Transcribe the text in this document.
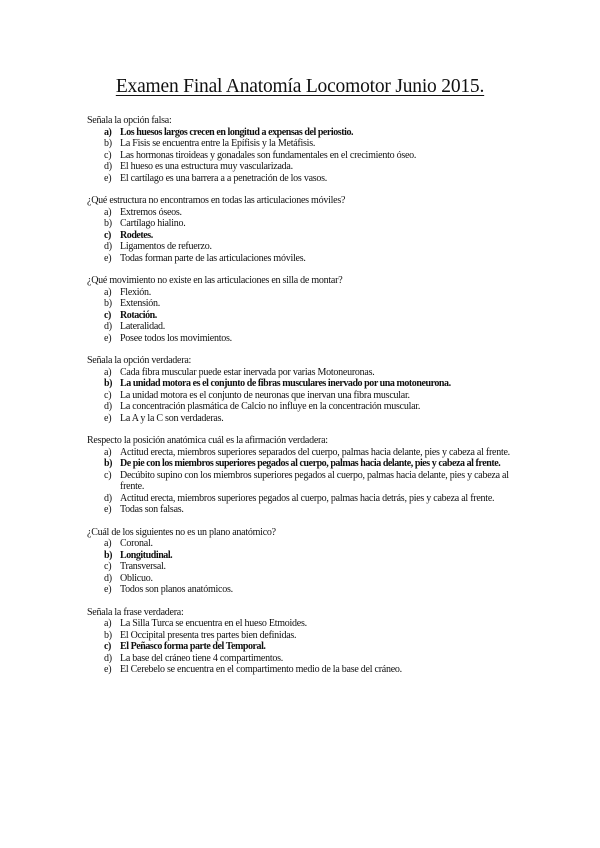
Examen Final Anatomía Locomotor Junio 2015.
Señala la opción falsa:
a) Los huesos largos crecen en longitud a expensas del periostio.
b) La Fisis se encuentra entre la Epífisis y la Metáfisis.
c) Las hormonas tiroideas y gonadales son fundamentales en el crecimiento óseo.
d) El hueso es una estructura muy vascularizada.
e) El cartílago es una barrera a a penetración de los vasos.
¿Qué estructura no encontramos en todas las articulaciones móviles?
a) Extremos óseos.
b) Cartílago hialino.
c) Rodetes.
d) Ligamentos de refuerzo.
e) Todas forman parte de las articulaciones móviles.
¿Qué movimiento no existe en las articulaciones en silla de montar?
a) Flexión.
b) Extensión.
c) Rotación.
d) Lateralidad.
e) Posee todos los movimientos.
Señala la opción verdadera:
a) Cada fibra muscular puede estar inervada por varias Motoneuronas.
b) La unidad motora es el conjunto de fibras musculares inervado por una motoneurona.
c) La unidad motora es el conjunto de neuronas que inervan una fibra muscular.
d) La concentración plasmática de Calcio no influye en la concentración muscular.
e) La A y la C son verdaderas.
Respecto la posición anatómica cuál es la afirmación verdadera:
a) Actitud erecta, miembros superiores separados del cuerpo, palmas hacia delante, pies y cabeza al frente.
b) De pie con los miembros superiores pegados al cuerpo, palmas hacia delante, pies y cabeza al frente.
c) Decúbito supino con los miembros superiores pegados al cuerpo, palmas hacia delante, pies y cabeza al frente.
d) Actitud erecta, miembros superiores pegados al cuerpo, palmas hacia detrás, pies y cabeza al frente.
e) Todas son falsas.
¿Cuál de los siguientes no es un plano anatómico?
a) Coronal.
b) Longitudinal.
c) Transversal.
d) Oblicuo.
e) Todos son planos anatómicos.
Señala la frase verdadera:
a) La Silla Turca se encuentra en el hueso Etmoides.
b) El Occipital presenta tres partes bien definidas.
c) El Peñasco forma parte del Temporal.
d) La base del cráneo tiene 4 compartimentos.
e) El Cerebelo se encuentra en el compartimento medio de la base del cráneo.
